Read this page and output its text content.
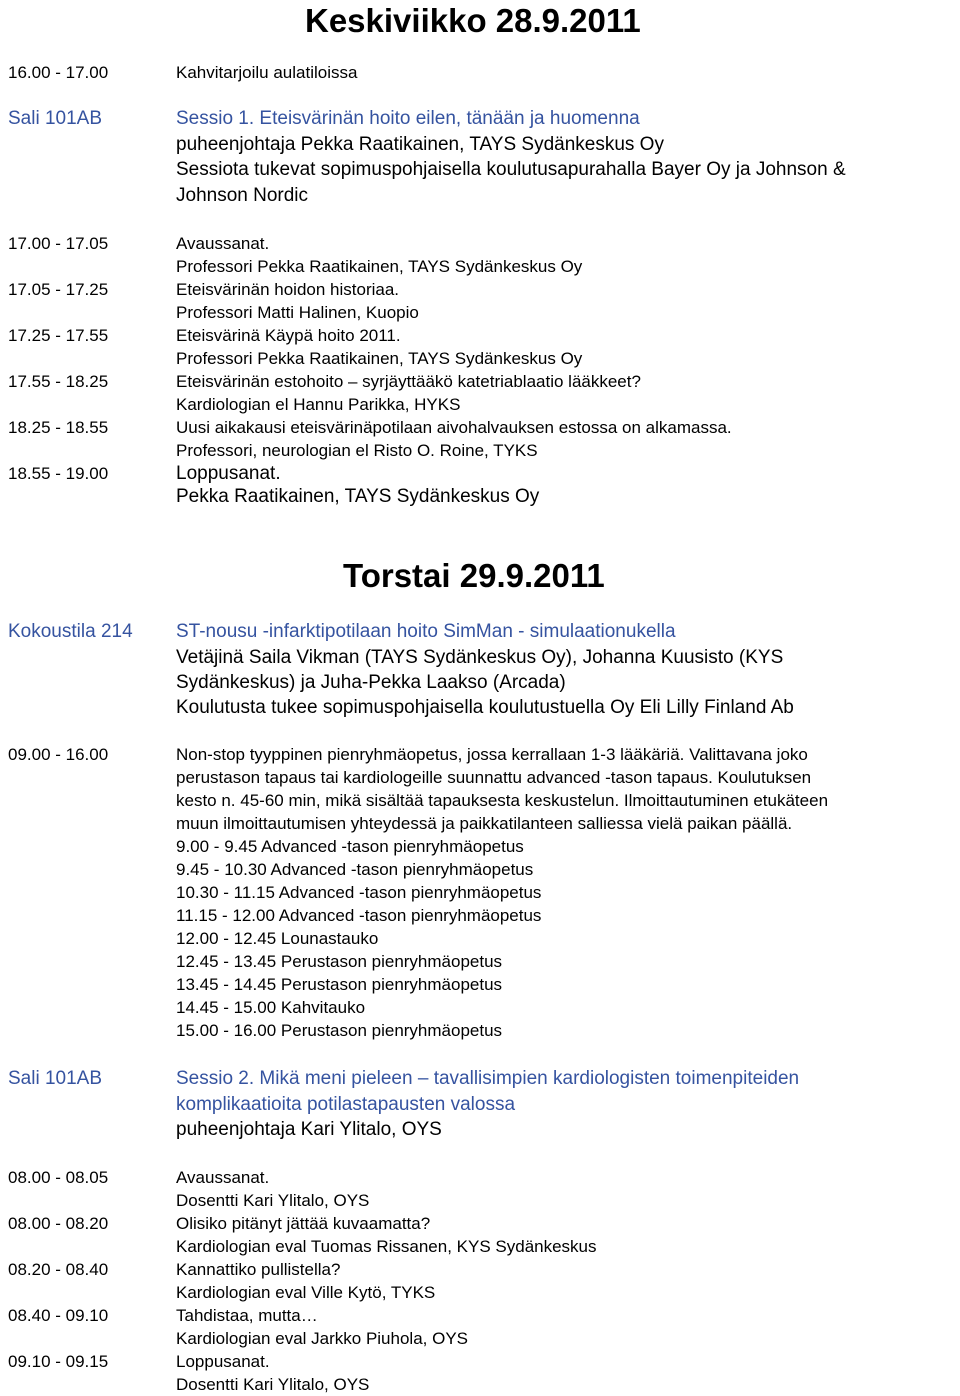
Keskiviikko 28.9.2011
16.00 - 17.00	Kahvitarjoilu aulatiloissa
Sali 101AB	Sessio 1. Eteisvärinän hoito eilen, tänään ja huomenna
puheenjohtaja Pekka Raatikainen, TAYS Sydänkeskus Oy
Sessiota tukevat sopimuspohjaisella koulutusapurahalla Bayer Oy ja Johnson &
Johnson Nordic
17.00 - 17.05	Avaussanat.
Professori Pekka Raatikainen, TAYS Sydänkeskus Oy
17.05 - 17.25	Eteisvärinän hoidon historiaa.
Professori Matti Halinen, Kuopio
17.25 - 17.55	Eteisvärinä Käypä hoito 2011.
Professori Pekka Raatikainen, TAYS Sydänkeskus Oy
17.55 - 18.25	Eteisvärinän estohoito – syrjäyttääkö katetriablaatio lääkkeet?
Kardiologian el Hannu Parikka, HYKS
18.25 - 18.55	Uusi aikakausi eteisvärinäpotilaan aivohalvauksen estossa on alkamassa.
Professori, neurologian el Risto O. Roine, TYKS
18.55 - 19.00	Loppusanat.
Pekka Raatikainen, TAYS Sydänkeskus Oy
Torstai 29.9.2011
Kokoustila 214 ST-nousu -infarktipotilaan hoito SimMan - simulaationukella
Vetäjinä Saila Vikman (TAYS Sydänkeskus Oy), Johanna Kuusisto (KYS
Sydänkeskus) ja Juha-Pekka Laakso (Arcada)
Koulutusta tukee sopimuspohjaisella koulutustuella Oy Eli Lilly Finland Ab
09.00 - 16.00	Non-stop tyyppinen pienryhmäopetus, jossa kerrallaan 1-3 lääkäriä. Valittavana joko
perustason tapaus tai kardiologeille suunnattu advanced -tason tapaus. Koulutuksen
kesto n. 45-60 min, mikä sisältää tapauksesta keskustelun. Ilmoittautuminen etukäteen
muun ilmoittautumisen yhteydessä ja paikkatilanteen salliessa vielä paikan päällä.
9.00 - 9.45 Advanced -tason pienryhmäopetus
9.45 - 10.30 Advanced -tason pienryhmäopetus
10.30 - 11.15 Advanced -tason pienryhmäopetus
11.15 - 12.00 Advanced -tason pienryhmäopetus
12.00 - 12.45 Lounastauko
12.45 - 13.45 Perustason pienryhmäopetus
13.45 - 14.45 Perustason pienryhmäopetus
14.45 - 15.00 Kahvitauko
15.00 - 16.00 Perustason pienryhmäopetus
Sali 101AB	Sessio 2. Mikä meni pieleen – tavallisimpien kardiologisten toimenpiteiden
komplikaatioita potilastapausten valossa
puheenjohtaja Kari Ylitalo, OYS
08.00 - 08.05	Avaussanat.
Dosentti Kari Ylitalo, OYS
08.00 - 08.20	Olisiko pitänyt jättää kuvaamatta?
Kardiologian eval Tuomas Rissanen, KYS Sydänkeskus
08.20 - 08.40	Kannattiko pullistella?
Kardiologian eval Ville Kytö, TYKS
08.40 - 09.10	Tahdistaa, mutta…
Kardiologian eval Jarkko Piuhola, OYS
09.10 - 09.15	Loppusanat.
Dosentti Kari Ylitalo, OYS
